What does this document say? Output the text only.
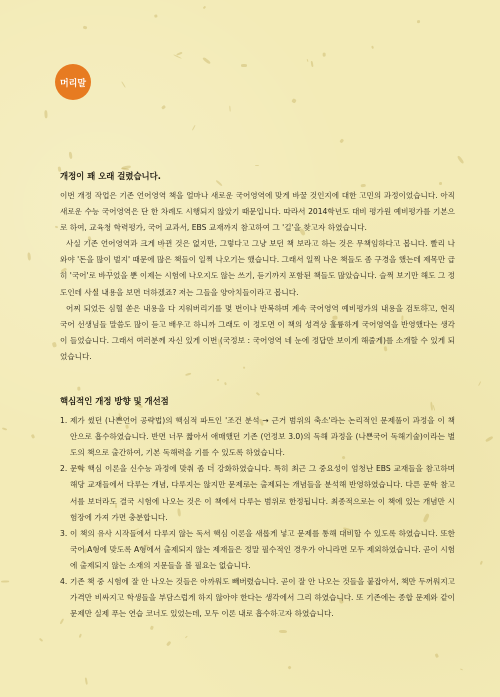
머리말
개정이 꽤 오래 걸렸습니다.

이번 개정 작업은 기존 언어영역 책을 얼마나 새로운 국어영역에 맞게 바꿀 것인지에 대한 고민의 과정이었습니다. 아직 새로운 수능 국어영역은 단 한 차례도 시행되지 않았기 때문입니다. 따라서 2014학년도 대비 평가원 예비평가를 기본으로 하여, 교육청 학력평가, 국어 교과서, EBS 교재까지 참고하여 그 '길'을 찾고자 하였습니다.

사실 기존 언어영역과 크게 바뀐 것은 없지만, 그렇다고 그냥 보던 책 보라고 하는 것은 무책임하다고 봅니다. 빨리 나와야 '돈을 많이 벌지' 때문에 많은 책들이 일찍 나오기는 했습니다. 그래서 일찍 나온 책들도 좀 구경을 했는데 제목만 급히 '국어'로 바꾸었을 뿐 이제는 시험에 나오지도 않는 쓰기, 듣기까지 포함된 책들도 많았습니다. 슬쩍 보기만 해도 그 정도인데 사실 내용을 보면 더하겠죠? 저는 그들을 양아치들이라고 봅니다.

어찌 되었든 심혈 쏟은 내용을 다 지워버리기를 몇 번이나 반복하며 계속 국어영역 예비평가의 내용을 검토하고, 현직 국어 선생님들 말씀도 많이 듣고 배우고 하니까 그래도 이 정도면 이 책의 성격상 훌륭하게 국어영역을 반영했다는 생각이 들었습니다. 그래서 여러분께 자신 있게 이번 (국정보 : 국어영역 네 눈에 정답만 보이게 해줄게)를 소개할 수 있게 되었습니다.

핵심적인 개정 방향 및 개선점
1. 제가 썼던 (나쁜언어 공략법)의 핵심적 파트인 '조건 분석 → 근거 범위의 축소'라는 논리적인 문제풀이 과정을 이 책 안으로 흡수하였습니다. 반면 너무 짧아서 애매했던 기존 (언정보 3.0)의 독해 과정을 (나쁜국어 독해기술)이라는 별도의 책으로 출간하여, 기본 독해력을 기를 수 있도록 하였습니다.
2. 문학 핵심 이론을 신수능 과정에 맞춰 좀 더 강화하였습니다. 특히 최근 그 중요성이 엄청난 EBS 교재들을 참고하며 해당 교재들에서 다루는 개념, 다루지는 않지만 문제로는 출제되는 개념들을 분석해 반영하였습니다. 다른 문학 참고서를 보더라도 결국 시험에 나오는 것은 이 책에서 다루는 범위로 한정됩니다. 최종적으로는 이 책에 있는 개념만 시험장에 가져 가면 충분합니다.
3. 이 책의 유사 시작들에서 다루지 않는 독서 핵심 이론을 새롭게 넣고 문제를 통해 대비할 수 있도록 하였습니다. 또한 국어 A형에 맞도록 A형에서 출제되지 않는 제재들은 정말 필수적인 경우가 아니라면 모두 제외하였습니다. 곧이 시험에 출제되지 않는 소재의 지문들을 볼 필요는 없습니다.
4. 기존 책 중 시험에 잘 안 나오는 것들은 아까워도 빼버렸습니다. 곧이 잘 안 나오는 것들을 붙잡아서, 책만 두꺼워지고 가격만 비싸지고 학생들을 부담스럽게 하지 않아야 한다는 생각에서 그리 하였습니다. 또 기존에는 종합 문제와 같이 문제만 실제 푸는 연습 코너도 있었는데, 모두 이론 내로 흡수하고자 하였습니다.
